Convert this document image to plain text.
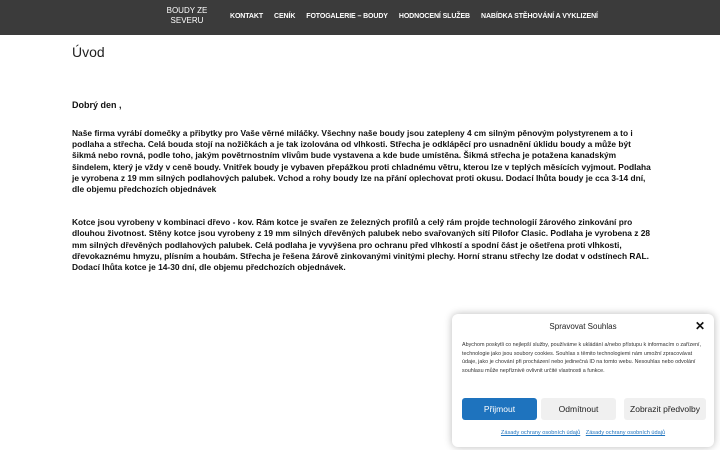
BOUDY ZE SEVERU	KONTAKT CENÍK FOTOGALERIE – BOUDY HODNOCENÍ SLUŽEB NABÍDKA STĚHOVÁNÍ A VYKLIZENÍ
Úvod

Dobrý den ,

Naše firma vyrábí domečky a přibytky pro Vaše věrné miláčky. Všechny naše boudy jsou zatepleny 4 cm silným pěnovým polystyrenem a to i podlaha a střecha. Celá bouda stojí na nožičkách a je tak izolována od vlhkosti. Střecha je odklápěcí pro usnadnění úklidu boudy a může být šikmá nebo rovná, podle toho, jakým povětrnostním vlivům bude vystavena a kde bude umístěna. Šikmá střecha je potažena kanadským šindelem, který je vždy v ceně boudy. Vnitřek boudy je vybaven přepážkou proti chladnému větru, kterou lze v teplých měsících vyjmout. Podlaha je vyrobena z 19 mm silných podlahových palubek. Vchod a rohy boudy lze na přání oplechovat proti okusu. Dodací lhůta boudy je cca 3-14 dní, dle objemu předchozích objednávek

Kotce jsou vyrobeny v kombinaci dřevo - kov. Rám kotce je svařen ze železných profilů a celý rám projde technologií žárového zinkování pro dlouhou životnost. Stěny kotce jsou vyrobeny z 19 mm silných dřevěných palubek nebo svařovaných sítí Pilofor Clasic. Podlaha je vyrobena z 28 mm silných dřevěných podlahových palubek. Celá podlaha je vyvýšena pro ochranu před vlhkostí a spodní část je ošetřena proti vlhkosti, dřevokaznému hmyzu, plísním a houbám. Střecha je řešena žárově zinkovanými vinitými plechy. Horní stranu střechy lze dodat v odstínech RAL. Dodací lhůta kotce je 14-30 dní, dle objemu předchozích objednávek.

Spravovat Souhlas	✕

Abychom poskytli co nejlepší služby, používáme k ukládání a/nebo přístupu k informacím o zařízení, technologie jako jsou soubory cookies. Souhlas s těmito technologiemi nám umožní zpracovávat údaje, jako je chování při procházení nebo jedinečná ID na tomto webu. Nesouhlas nebo odvolání souhlasu může nepříznivě ovlivnit určité vlastnosti a funkce.

Přijmout	Odmítnout	Zobrazit předvolby
Zásady ochrany osobních údajů Zásady ochrany osobních údajů
